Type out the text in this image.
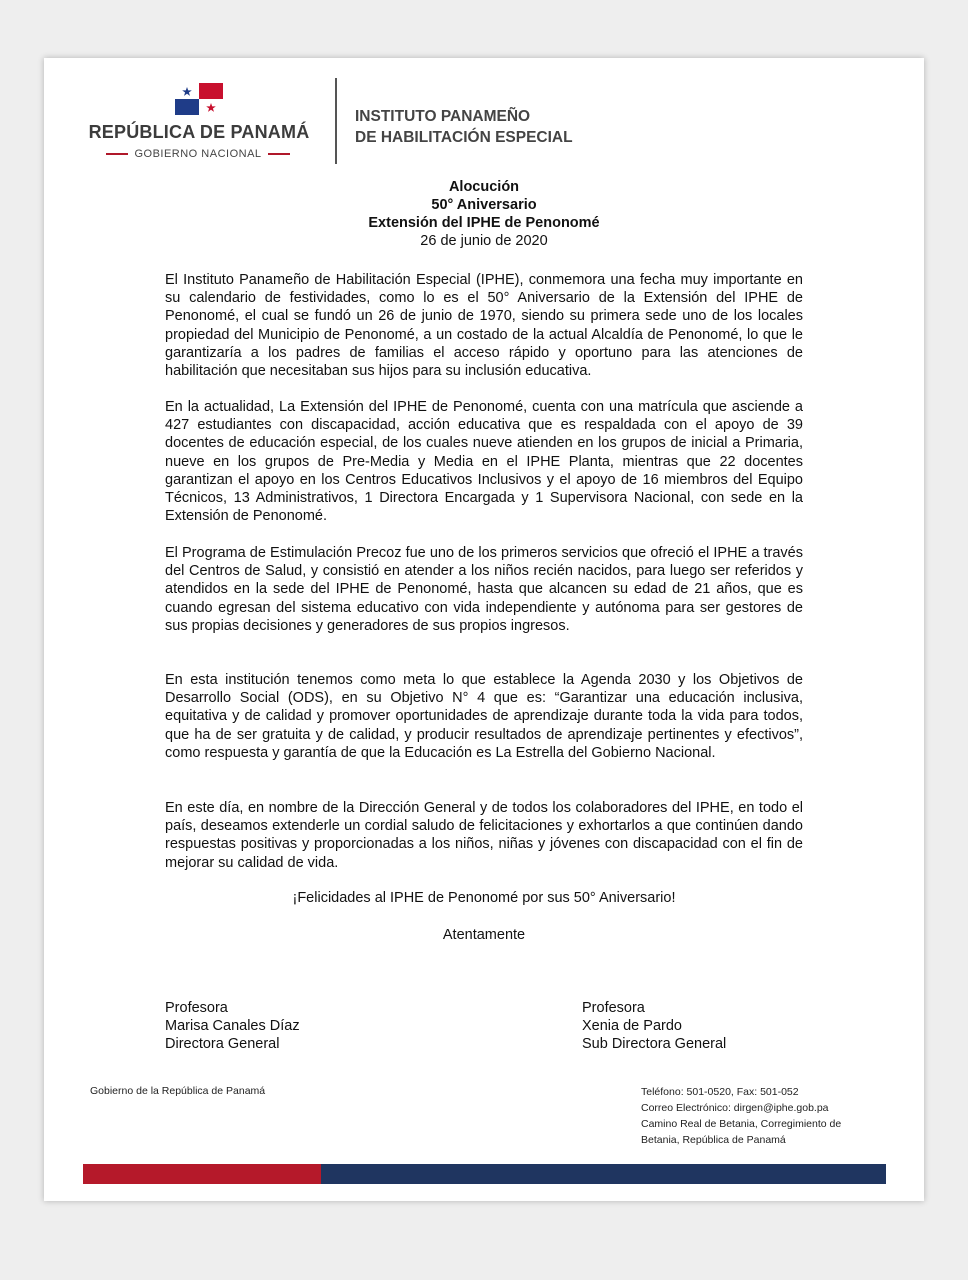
REPÚBLICA DE PANAMÁ
GOBIERNO NACIONAL
INSTITUTO PANAMEÑO
DE HABILITACIÓN ESPECIAL
Alocución
50° Aniversario
Extensión del IPHE de Penonomé
26 de junio de 2020
El Instituto Panameño de Habilitación Especial (IPHE), conmemora una fecha muy importante en su calendario de festividades, como lo es el 50° Aniversario de la Extensión del IPHE de Penonomé, el cual se fundó un 26 de junio de 1970, siendo su primera sede uno de los locales propiedad del Municipio de Penonomé, a un costado de la actual Alcaldía de Penonomé, lo que le garantizaría a los padres de familias el acceso rápido y oportuno para las atenciones de habilitación que necesitaban sus hijos para su inclusión educativa.
En la actualidad, La Extensión del IPHE de Penonomé, cuenta con una matrícula que asciende a 427 estudiantes con discapacidad, acción educativa que es respaldada con el apoyo de 39 docentes de educación especial, de los cuales nueve atienden en los grupos de inicial a Primaria, nueve en los grupos de Pre-Media y Media en el IPHE Planta, mientras que 22 docentes garantizan el apoyo en los Centros Educativos Inclusivos y el apoyo de 16 miembros del Equipo Técnicos, 13 Administrativos, 1 Directora Encargada y 1 Supervisora Nacional, con sede en la Extensión de Penonomé.
El Programa de Estimulación Precoz fue uno de los primeros servicios que ofreció el IPHE a través del Centros de Salud, y consistió en atender a los niños recién nacidos, para luego ser referidos y atendidos en la sede del IPHE de Penonomé, hasta que alcancen su edad de 21 años, que es cuando egresan del sistema educativo con vida independiente y autónoma para ser gestores de sus propias decisiones y generadores de sus propios ingresos.
En esta institución tenemos como meta lo que establece la Agenda 2030 y los Objetivos de Desarrollo Social (ODS), en su Objetivo N° 4 que es: “Garantizar una educación inclusiva, equitativa y de calidad y promover oportunidades de aprendizaje durante toda la vida para todos, que ha de ser gratuita y de calidad, y producir resultados de aprendizaje pertinentes y efectivos”, como respuesta y garantía de que la Educación es La Estrella del Gobierno Nacional.
En este día, en nombre de la Dirección General y de todos los colaboradores del IPHE, en todo el país, deseamos extenderle un cordial saludo de felicitaciones y exhortarlos a que continúen dando respuestas positivas y proporcionadas a los niños, niñas y jóvenes con discapacidad con el fin de mejorar su calidad de vida.
¡Felicidades al IPHE de Penonomé por sus 50° Aniversario!
Atentamente
Profesora
Marisa Canales Díaz
Directora General
Profesora
Xenia de Pardo
Sub Directora General
Gobierno de la República de Panamá	Teléfono: 501-0520, Fax: 501-052
Correo Electrónico: dirgen@iphe.gob.pa
Camino Real de Betania, Corregimiento de
Betania, República de Panamá
